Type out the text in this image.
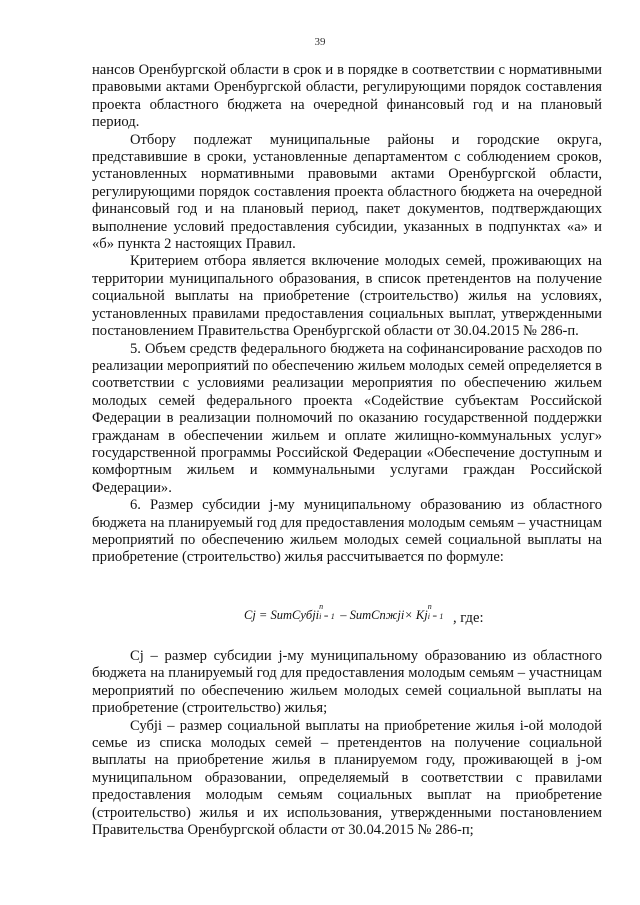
39

нансов Оренбургской области в срок и в порядке в соответствии с нормативными правовыми актами Оренбургской области, регулирующими порядок составления проекта областного бюджета на очередной финансовый год и на плановый период.

Отбору подлежат муниципальные районы и городские округа, представившие в сроки, установленные департаментом с соблюдением сроков, установленных нормативными правовыми актами Оренбургской области, регулирующими порядок составления проекта областного бюджета на очередной финансовый год и на плановый период, пакет документов, подтверждающих выполнение условий предоставления субсидии, указанных в подпунктах «а» и «б» пункта 2 настоящих Правил.

Критерием отбора является включение молодых семей, проживающих на территории муниципального образования, в список претендентов на получение социальной выплаты на приобретение (строительство) жилья на условиях, установленных правилами предоставления социальных выплат, утвержденными постановлением Правительства Оренбургской области от 30.04.2015 № 286-п.

5. Объем средств федерального бюджета на софинансирование расходов по реализации мероприятий по обеспечению жильем молодых семей определяется в соответствии с условиями реализации мероприятия по обеспечению жильем молодых семей федерального проекта «Содействие субъектам Российской Федерации в реализации полномочий по оказанию государственной поддержки гражданам в обеспечении жильем и оплате жилищно-коммунальных услуг» государственной программы Российской Федерации «Обеспечение доступным и комфортным жильем и коммунальными услугами граждан Российской Федерации».

6. Размер субсидии j-му муниципальному образованию из областного бюджета на планируемый год для предоставления молодым семьям – участницам мероприятий по обеспечению жильем молодых семей социальной выплаты на приобретение (строительство) жилья рассчитывается по формуле:

Cj = SumСубji
n
i = 1 – SumСпжji× Kj
n
i = 1 , где:

Cj – размер субсидии j-му муниципальному образованию из областного бюджета на планируемый год для предоставления молодым семьям – участницам мероприятий по обеспечению жильем молодых семей социальной выплаты на приобретение (строительство) жилья;

Субji – размер социальной выплаты на приобретение жилья i-ой молодой семье из списка молодых семей – претендентов на получение социальной выплаты на приобретение жилья в планируемом году, проживающей в j-ом муниципальном образовании, определяемый в соответствии с правилами предоставления молодым семьям социальных выплат на приобретение (строительство) жилья и их использования, утвержденными постановлением Правительства Оренбургской области от 30.04.2015 № 286-п;
